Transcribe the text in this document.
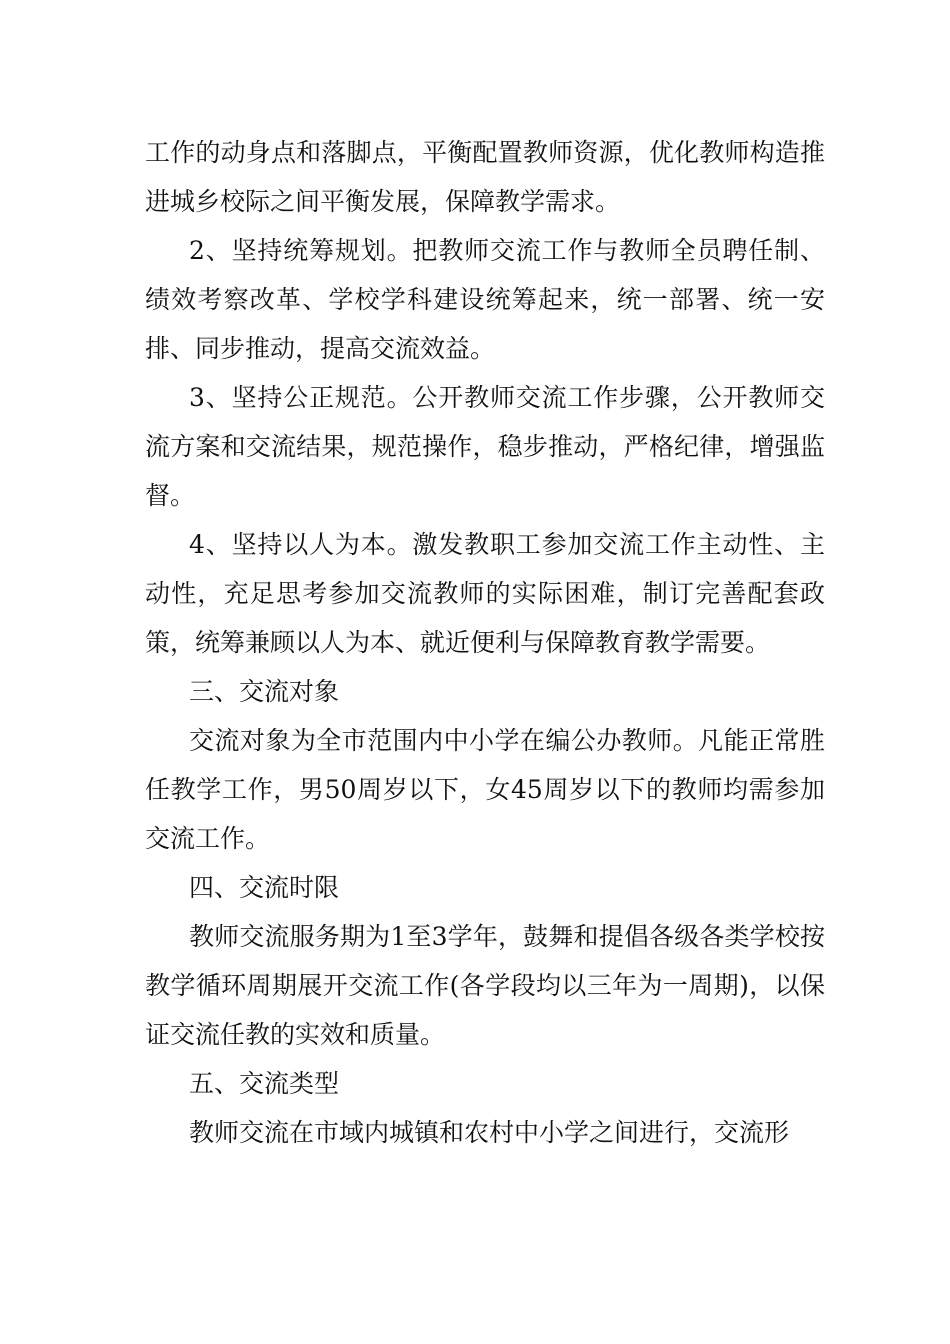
工作的动身点和落脚点，平衡配置教师资源，优化教师构造推进城乡校际之间平衡发展，保障教学需求。

2、坚持统筹规划。把教师交流工作与教师全员聘任制、绩效考察改革、学校学科建设统筹起来，统一部署、统一安排、同步推动，提高交流效益。

3、坚持公正规范。公开教师交流工作步骤，公开教师交流方案和交流结果，规范操作，稳步推动，严格纪律，增强监督。

4、坚持以人为本。激发教职工参加交流工作主动性、主动性，充足思考参加交流教师的实际困难，制订完善配套政策，统筹兼顾以人为本、就近便利与保障教育教学需要。

三、交流对象

交流对象为全市范围内中小学在编公办教师。凡能正常胜任教学工作，男50周岁以下，女45周岁以下的教师均需参加交流工作。

四、交流时限

教师交流服务期为1至3学年，鼓舞和提倡各级各类学校按教学循环周期展开交流工作(各学段均以三年为一周期)，以保证交流任教的实效和质量。

五、交流类型

教师交流在市域内城镇和农村中小学之间进行，交流形
